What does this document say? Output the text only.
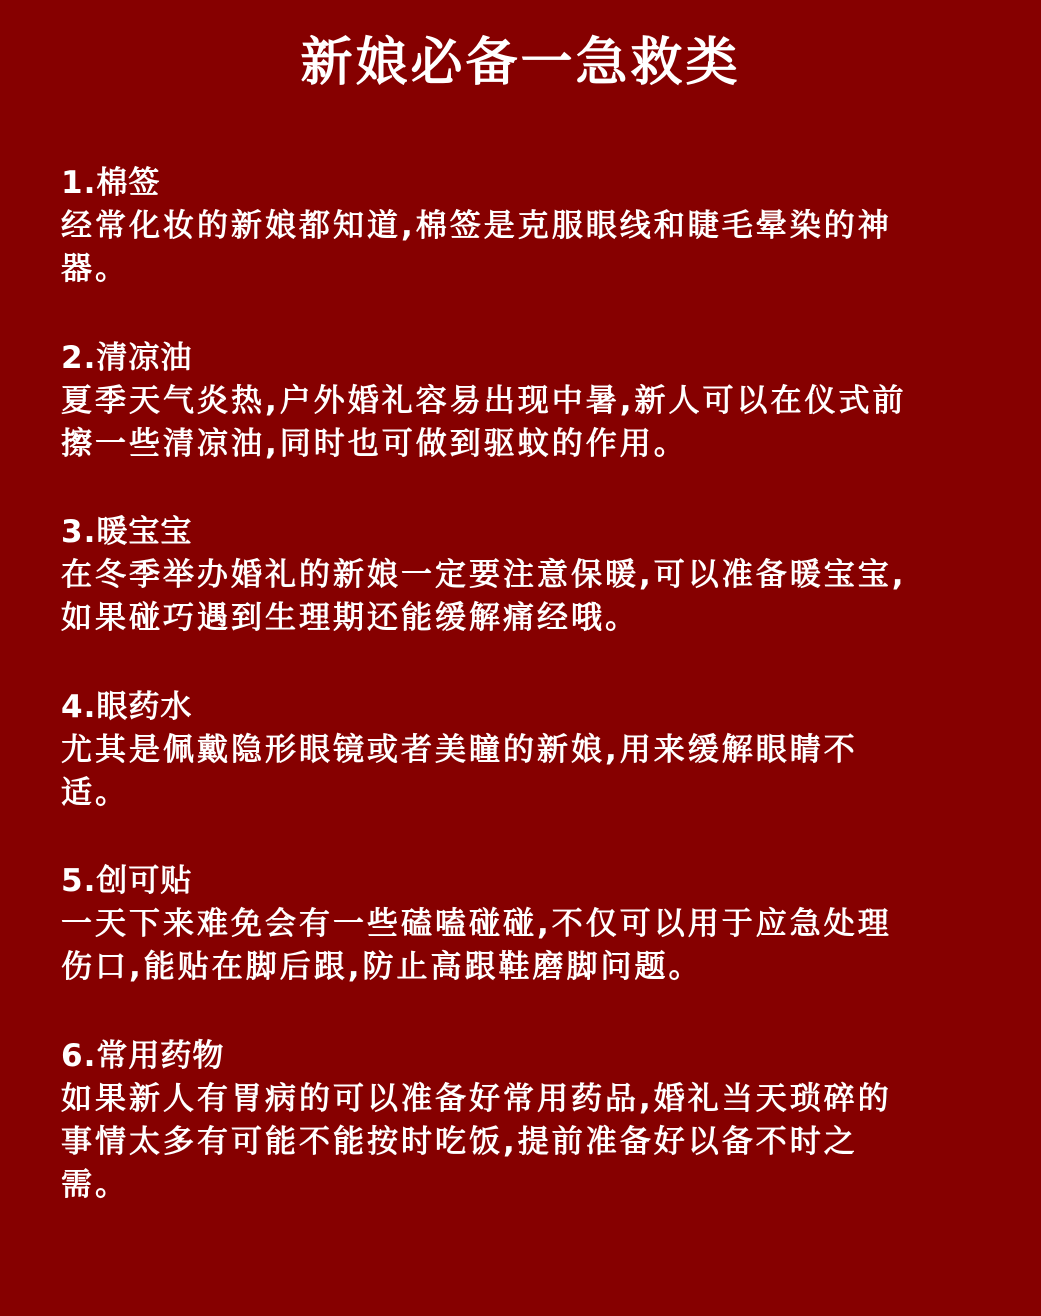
新娘必备一急救类
1.棉签
经常化妆的新娘都知道,棉签是克服眼线和睫毛晕染的神
器。
2.清凉油
夏季天气炎热,户外婚礼容易出现中暑,新人可以在仪式前
擦一些清凉油,同时也可做到驱蚊的作用。
3.暖宝宝
在冬季举办婚礼的新娘一定要注意保暖,可以准备暖宝宝,
如果碰巧遇到生理期还能缓解痛经哦。
4.眼药水
尤其是佩戴隐形眼镜或者美瞳的新娘,用来缓解眼睛不
适。
5.创可贴
一天下来难免会有一些磕嗑碰碰,不仅可以用于应急处理
伤口,能贴在脚后跟,防止高跟鞋磨脚问题。
6.常用药物
如果新人有胃病的可以准备好常用药品,婚礼当天琐碎的
事情太多有可能不能按时吃饭,提前准备好以备不时之
需。
